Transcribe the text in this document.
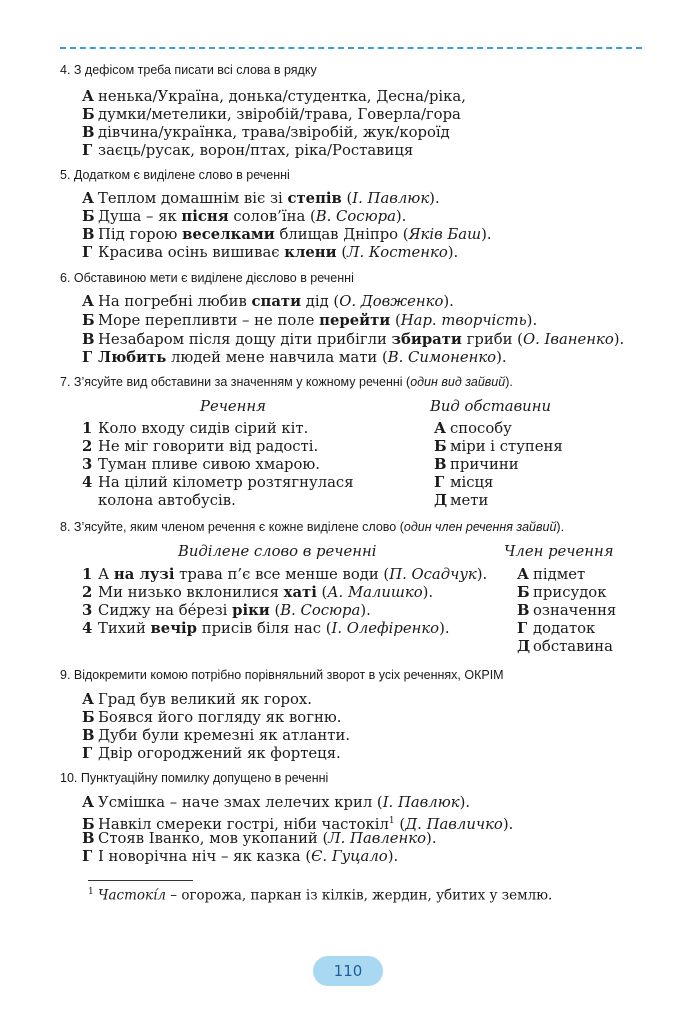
4. З дефісом треба писати всі слова в рядку
А ненька/Україна, донька/студентка, Десна/ріка,
Б думки/метелики, звіробій/трава, Говерла/гора
В дівчина/українка, трава/звіробій, жук/короїд
Г заєць/русак, ворон/птах, ріка/Роставиця
5. Додатком є виділене слово в реченні
А Теплом домашнім віє зі степів (І. Павлюк).
Б Душа – як пісня солов’їна (В. Сосюра).
В Під горою веселками блищав Дніпро (Яків Баш).
Г Красива осінь вишиває клени (Л. Костенко).
6. Обставиною мети є виділене дієслово в реченні
А На погребні любив спати дід (О. Довженко).
Б Море перепливти – не поле перейти (Нар. творчість).
В Незабаром після дощу діти прибігли збирати гриби (О. Іваненко).
Г Любить людей мене навчила мати (В. Симоненко).
7. З’ясуйте вид обставини за значенням у кожному реченні (один вид зайвий).
Речення	Вид обставини
1 Коло входу сидів сірий кіт.
2 Не міг говорити від радості.
3 Туман пливе сивою хмарою.
4 На цілий кілометр розтягнулася
колона автобусів.
А способу
Б міри і ступеня
В причини
Г місця
Д мети
8. З’ясуйте, яким членом речення є кожне виділене слово (один член речення зайвий).
Виділене слово в реченні	Член речення
1 А на лузі трава п’є все менше води (П. Осадчук).
2 Ми низько вклонилися хаті (А. Малишко).
3 Сиджу на бéрезі ріки (В. Сосюра).
4 Тихий вечір присів біля нас (І. Олефіренко).
А підмет
Б присудок
В означення
Г додаток
Д обставина
9. Відокремити комою потрібно порівняльний зворот в усіх реченнях, ОКРІМ
А Град був великий як горох.
Б Боявся його погляду як вогню.
В Дуби були кремезні як атланти.
Г Двір огороджений як фортеця.
10. Пунктуаційну помилку допущено в реченні
А Усмішка – наче змах лелечих крил (І. Павлюк).
Б Навкіл смереки гострі, ніби частокіл$^1$ (Д. Павличко).
В Стояв Іванко, мов укопаний (Л. Павленко).
Г І новорічна ніч – як казка (Є. Гуцало).
$^1$ Частокíл – огорожа, паркан із кілків, жердин, убитих у землю.
110
